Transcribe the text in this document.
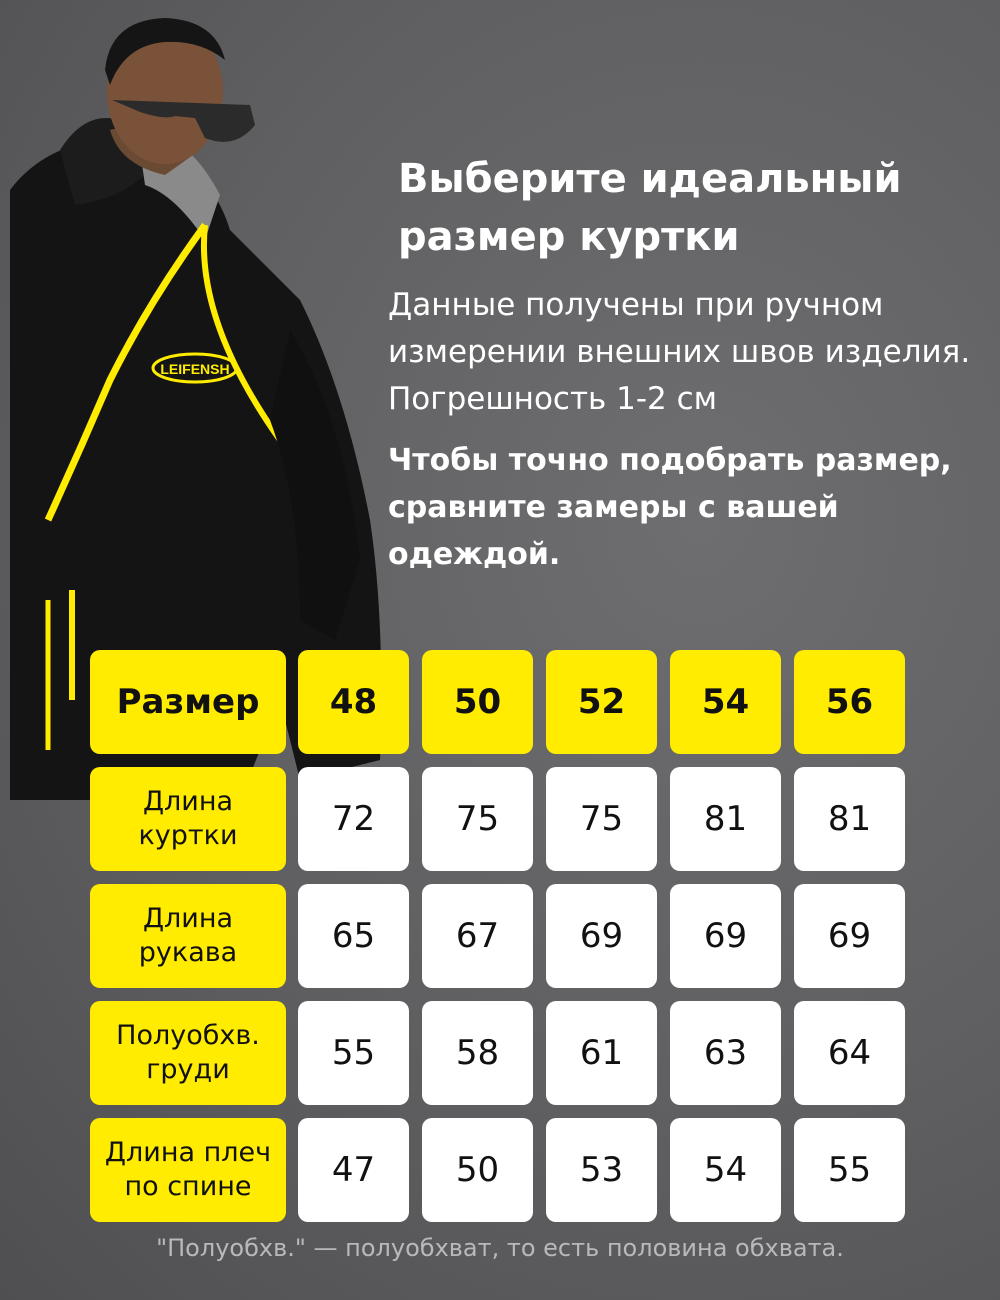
LEIFENSH
Выберите идеальный размер куртки

Данные получены при ручном измерении внешних швов изделия. Погрешность 1-2 см

Чтобы точно подобрать размер, сравните замеры с вашей одеждой.

Размер	48	50	52	54	56
Длина
куртки	72	75	75	81	81
Длина
рукава	65	67	69	69	69
Полуобхв.
груди	55	58	61	63	64
Длина плеч
по спине	47	50	53	54	55

"Полуобхв." — полуобхват, то есть половина обхвата.
